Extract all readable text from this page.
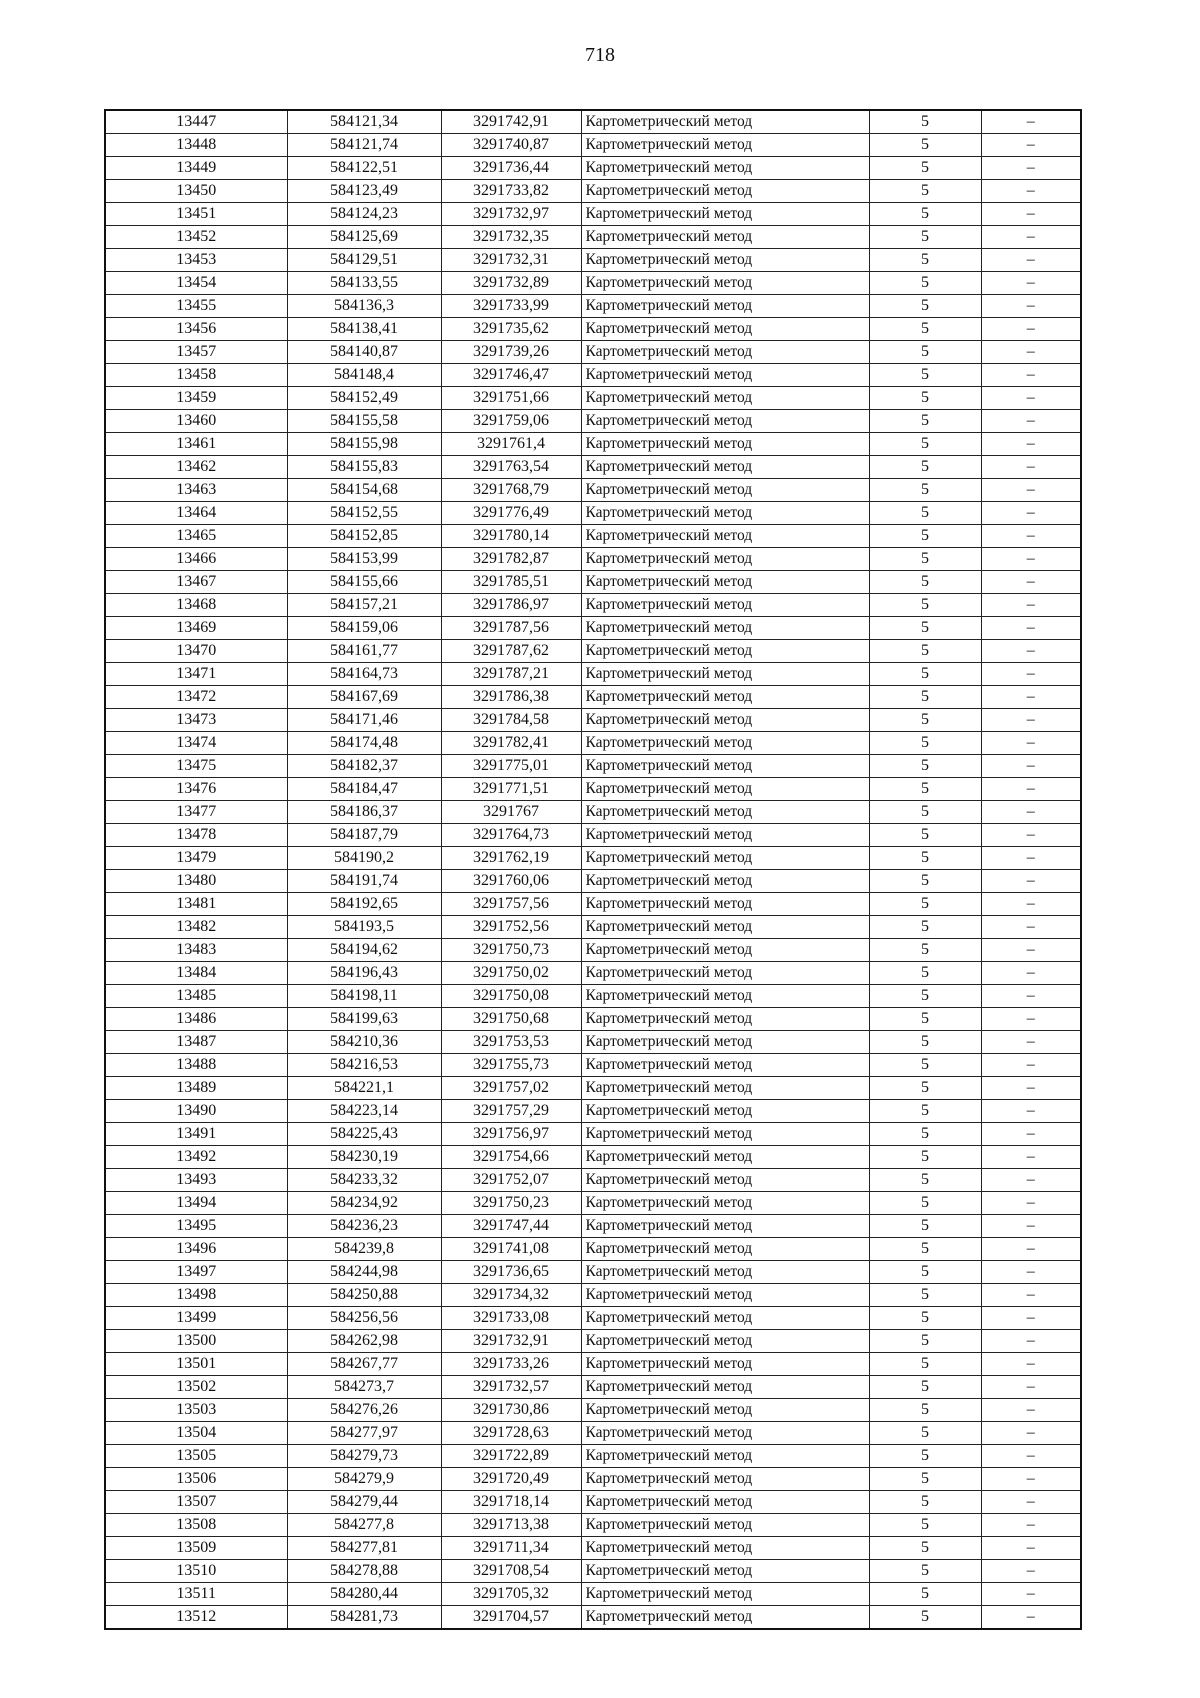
718
13447	584121,34	3291742,91	Картометрический метод	5	–
13448	584121,74	3291740,87	Картометрический метод	5	–
13449	584122,51	3291736,44	Картометрический метод	5	–
13450	584123,49	3291733,82	Картометрический метод	5	–
13451	584124,23	3291732,97	Картометрический метод	5	–
13452	584125,69	3291732,35	Картометрический метод	5	–
13453	584129,51	3291732,31	Картометрический метод	5	–
13454	584133,55	3291732,89	Картометрический метод	5	–
13455	584136,3	3291733,99	Картометрический метод	5	–
13456	584138,41	3291735,62	Картометрический метод	5	–
13457	584140,87	3291739,26	Картометрический метод	5	–
13458	584148,4	3291746,47	Картометрический метод	5	–
13459	584152,49	3291751,66	Картометрический метод	5	–
13460	584155,58	3291759,06	Картометрический метод	5	–
13461	584155,98	3291761,4	Картометрический метод	5	–
13462	584155,83	3291763,54	Картометрический метод	5	–
13463	584154,68	3291768,79	Картометрический метод	5	–
13464	584152,55	3291776,49	Картометрический метод	5	–
13465	584152,85	3291780,14	Картометрический метод	5	–
13466	584153,99	3291782,87	Картометрический метод	5	–
13467	584155,66	3291785,51	Картометрический метод	5	–
13468	584157,21	3291786,97	Картометрический метод	5	–
13469	584159,06	3291787,56	Картометрический метод	5	–
13470	584161,77	3291787,62	Картометрический метод	5	–
13471	584164,73	3291787,21	Картометрический метод	5	–
13472	584167,69	3291786,38	Картометрический метод	5	–
13473	584171,46	3291784,58	Картометрический метод	5	–
13474	584174,48	3291782,41	Картометрический метод	5	–
13475	584182,37	3291775,01	Картометрический метод	5	–
13476	584184,47	3291771,51	Картометрический метод	5	–
13477	584186,37	3291767	Картометрический метод	5	–
13478	584187,79	3291764,73	Картометрический метод	5	–
13479	584190,2	3291762,19	Картометрический метод	5	–
13480	584191,74	3291760,06	Картометрический метод	5	–
13481	584192,65	3291757,56	Картометрический метод	5	–
13482	584193,5	3291752,56	Картометрический метод	5	–
13483	584194,62	3291750,73	Картометрический метод	5	–
13484	584196,43	3291750,02	Картометрический метод	5	–
13485	584198,11	3291750,08	Картометрический метод	5	–
13486	584199,63	3291750,68	Картометрический метод	5	–
13487	584210,36	3291753,53	Картометрический метод	5	–
13488	584216,53	3291755,73	Картометрический метод	5	–
13489	584221,1	3291757,02	Картометрический метод	5	–
13490	584223,14	3291757,29	Картометрический метод	5	–
13491	584225,43	3291756,97	Картометрический метод	5	–
13492	584230,19	3291754,66	Картометрический метод	5	–
13493	584233,32	3291752,07	Картометрический метод	5	–
13494	584234,92	3291750,23	Картометрический метод	5	–
13495	584236,23	3291747,44	Картометрический метод	5	–
13496	584239,8	3291741,08	Картометрический метод	5	–
13497	584244,98	3291736,65	Картометрический метод	5	–
13498	584250,88	3291734,32	Картометрический метод	5	–
13499	584256,56	3291733,08	Картометрический метод	5	–
13500	584262,98	3291732,91	Картометрический метод	5	–
13501	584267,77	3291733,26	Картометрический метод	5	–
13502	584273,7	3291732,57	Картометрический метод	5	–
13503	584276,26	3291730,86	Картометрический метод	5	–
13504	584277,97	3291728,63	Картометрический метод	5	–
13505	584279,73	3291722,89	Картометрический метод	5	–
13506	584279,9	3291720,49	Картометрический метод	5	–
13507	584279,44	3291718,14	Картометрический метод	5	–
13508	584277,8	3291713,38	Картометрический метод	5	–
13509	584277,81	3291711,34	Картометрический метод	5	–
13510	584278,88	3291708,54	Картометрический метод	5	–
13511	584280,44	3291705,32	Картометрический метод	5	–
13512	584281,73	3291704,57	Картометрический метод	5	–
